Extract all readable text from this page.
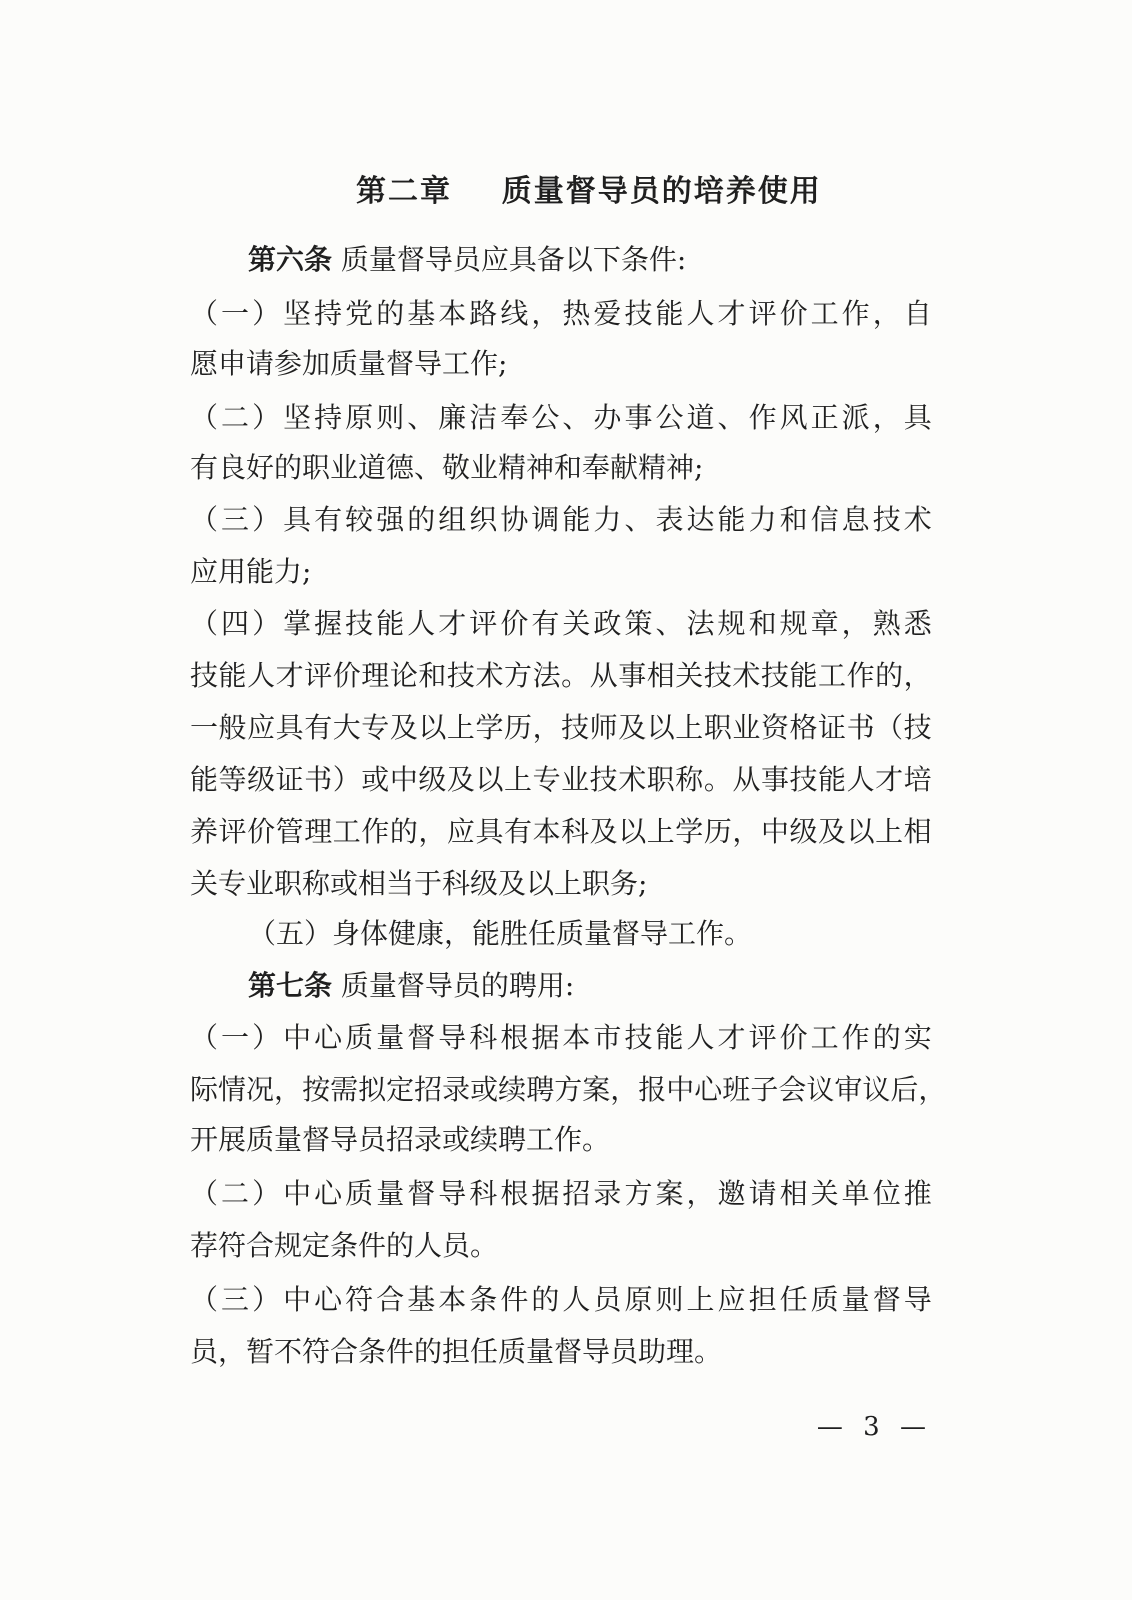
第二章    质量督导员的培养使用
第六条 质量督导员应具备以下条件:
（ 一 ） 坚 持 党 的 基 本 路 线 ， 热 爱 技 能 人 才 评 价 工 作 ， 自
愿申请参加质量督导工作;
（ 二 ） 坚 持 原 则 、 廉 洁 奉 公 、 办 事 公 道 、 作 风 正 派 ， 具
有良好的职业道德、敬业精神和奉献精神;
（ 三 ） 具 有 较 强 的 组 织 协 调 能 力 、 表 达 能 力 和 信 息 技 术
应用能力;
（ 四 ） 掌 握 技 能 人 才 评 价 有 关 政 策 、 法 规 和 规 章 ， 熟 悉
技 能 人 才 评 价 理 论 和 技 术 方 法 。 从 事 相 关 技 术 技 能 工 作 的 ，
一 般 应 具 有 大 专 及 以 上 学 历 ， 技 师 及 以 上 职 业 资 格 证 书 （ 技
能 等 级 证 书 ） 或 中 级 及 以 上 专 业 技 术 职 称 。 从 事 技 能 人 才 培
养 评 价 管 理 工 作 的 ， 应 具 有 本 科 及 以 上 学 历 ， 中 级 及 以 上 相
关专业职称或相当于科级及以上职务;
（五）身体健康，能胜任质量督导工作。
第七条 质量督导员的聘用:
（ 一 ） 中 心 质 量 督 导 科 根 据 本 市 技 能 人 才 评 价 工 作 的 实
际 情 况 ， 按 需 拟 定 招 录 或 续 聘 方 案 ， 报 中 心 班 子 会 议 审 议 后 ，
开展质量督导员招录或续聘工作。
（ 二 ） 中 心 质 量 督 导 科 根 据 招 录 方 案 ， 邀 请 相 关 单 位 推
荐符合规定条件的人员。
（ 三 ） 中 心 符 合 基 本 条 件 的 人 员 原 则 上 应 担 任 质 量 督 导
员，暂不符合条件的担任质量督导员助理。
— 3 —
